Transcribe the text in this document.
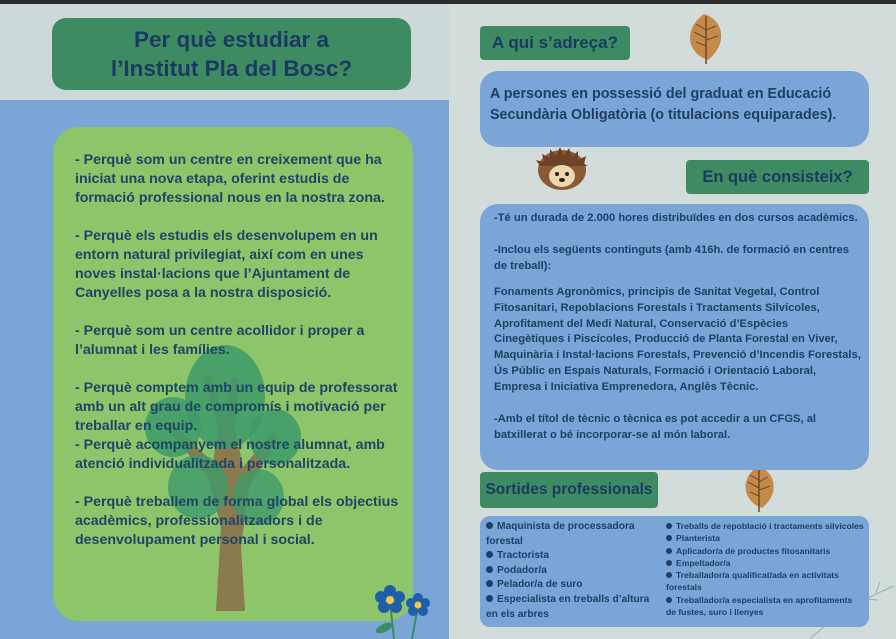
Per què estudiar a
l’Institut Pla del Bosc?
- Perquè som un centre en creixement que ha iniciat una nova etapa, oferint estudis de formació professional nous en la nostra zona.
- Perquè els estudis els desenvolupem en un entorn natural privilegiat, així com en unes noves instal·lacions que l’Ajuntament de Canyelles posa a la nostra disposició.
- Perquè som un centre acollidor i proper a l’alumnat i les famílies.
- Perquè comptem amb un equip de professorat amb un alt grau de compromís i motivació per treballar en equip.
- Perquè acompanyem el nostre alumnat, amb atenció individualitzada i personalitzada.
- Perquè treballem de forma global els objectius acadèmics, professionalitzadors i de desenvolupament personal i social.
A qui s’adreça?
A persones en possessió del graduat en Educació Secundària Obligatòria (o titulacions equiparades).
En què consisteix?

-Té un durada de 2.000 hores distribuïdes en dos cursos acadèmics.

-Inclou els següents continguts (amb 416h. de formació en centres de treball):

Fonaments Agronòmics, principis de Sanitat Vegetal, Control Fitosanitari, Repoblacions Forestals i Tractaments Silvícoles, Aprofitament del Medi Natural, Conservació d’Espècies Cinegètiques i Piscícoles, Producció de Planta Forestal en Viver, Maquinària i Instal·lacions Forestals, Prevenció d’Incendis Forestals, Ús Públic en Espais Naturals, Formació i Orientació Laboral, Empresa i Iniciativa Emprenedora, Anglès Tècnic.

-Amb el títol de tècnic o tècnica es pot accedir a un CFGS, al batxillerat o bé incorporar-se al món laboral.

Sortides professionals
Maquinista de processadora forestal
Tractorista
Podador/a
Pelador/a de suro
Especialista en treballs d’altura en els arbres
Treballs de repoblació i tractaments silvícoles
Planterista
Aplicador/a de productes fitosanitaris
Empeltador/a
Treballador/a qualificat/ada en activitats forestals
Treballador/a especialista en aprofitaments de fustes, suro i llenyes
